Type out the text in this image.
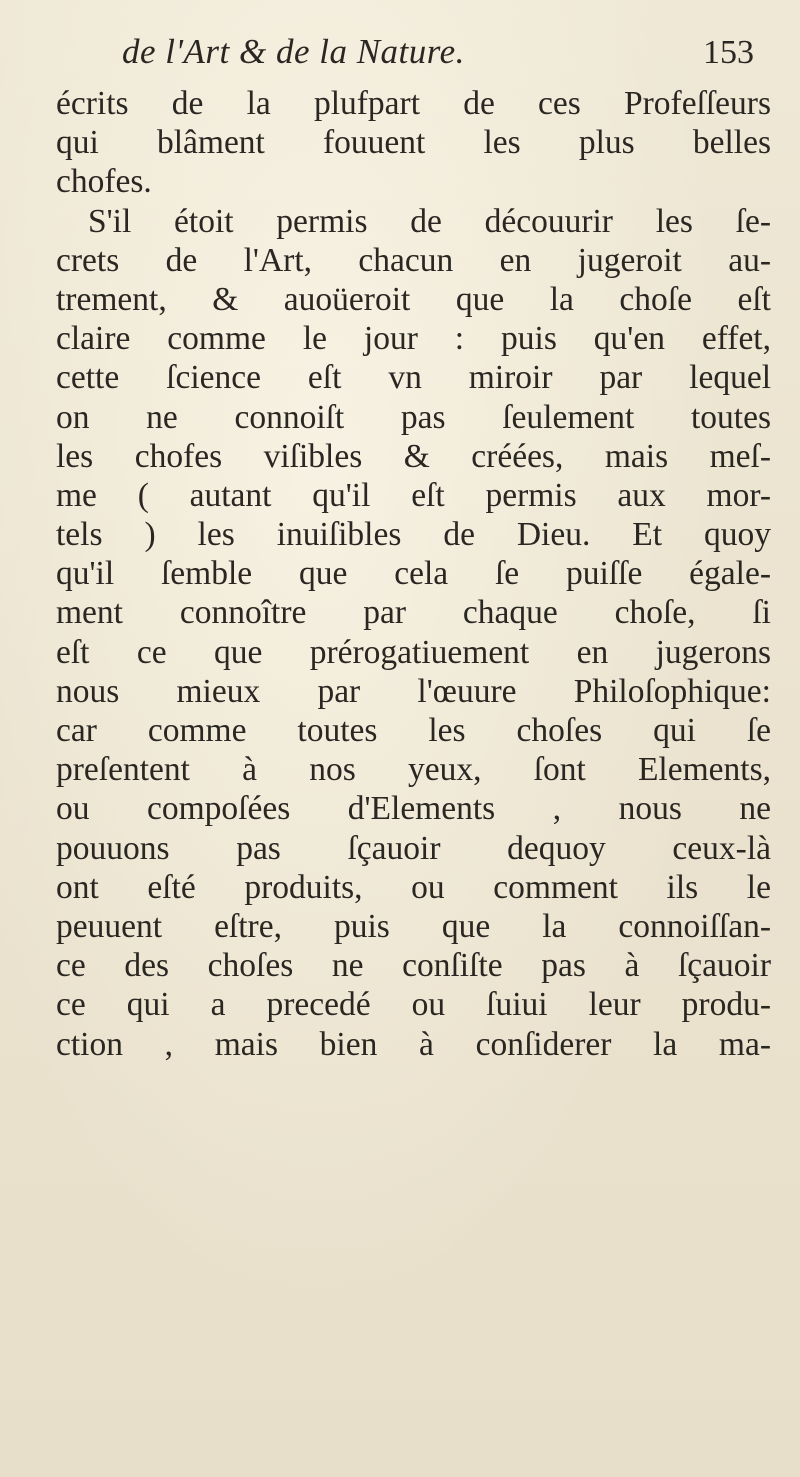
de l'Art & de la Nature.	153
écrits de la plufpart de ces Profeſſeurs
qui blâment fouuent les plus belles
chofes.
S'il étoit permis de découurir les ſe-
crets de l'Art, chacun en jugeroit au-
trement, & auoüeroit que la choſe eſt
claire comme le jour : puis qu'en effet,
cette ſcience eſt vn miroir par lequel
on ne connoiſt pas ſeulement toutes
les chofes viſibles & créées, mais meſ-
me ( autant qu'il eſt permis aux mor-
tels ) les inuiſibles de Dieu. Et quoy
qu'il ſemble que cela ſe puiſſe égale-
ment connoître par chaque choſe, ſi
eſt ce que prérogatiuement en jugerons
nous mieux par l'œuure Philoſophique:
car comme toutes les choſes qui ſe
preſentent à nos yeux, ſont Elements,
ou compoſées d'Elements , nous ne
pouuons pas ſçauoir dequoy ceux-là
ont eſté produits, ou comment ils le
peuuent eſtre, puis que la connoiſſan-
ce des choſes ne conſiſte pas à ſçauoir
ce qui a precedé ou ſuiui leur produ-
ction , mais bien à conſiderer la ma-
